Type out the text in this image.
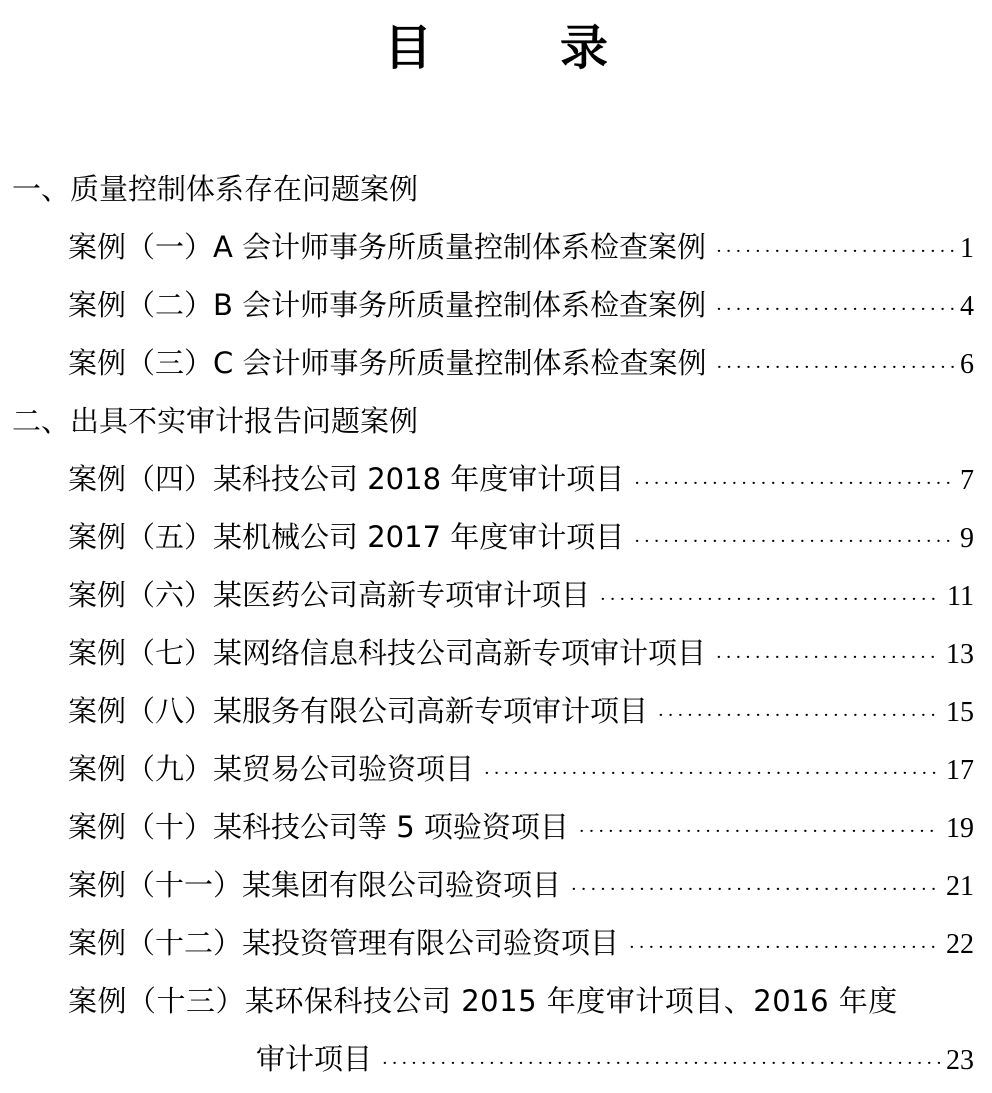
目　录
一、质量控制体系存在问题案例
案例（一）A 会计师事务所质量控制体系检查案例 ·····	1
案例（二）B 会计师事务所质量控制体系检查案例 ·····	4
案例（三）C 会计师事务所质量控制体系检查案例 ·····	6
二、出具不实审计报告问题案例
案例（四）某科技公司 2018 年度审计项目 ·····	7
案例（五）某机械公司 2017 年度审计项目 ·····	9
案例（六）某医药公司高新专项审计项目 ·····	11
案例（七）某网络信息科技公司高新专项审计项目 ·····	13
案例（八）某服务有限公司高新专项审计项目 ·····	15
案例（九）某贸易公司验资项目 ·····	17
案例（十）某科技公司等 5 项验资项目 ·····	19
案例（十一）某集团有限公司验资项目 ·····	21
案例（十二）某投资管理有限公司验资项目 ·····	22
案例（十三）某环保科技公司 2015 年度审计项目、2016 年度
审计项目 ·····	23
